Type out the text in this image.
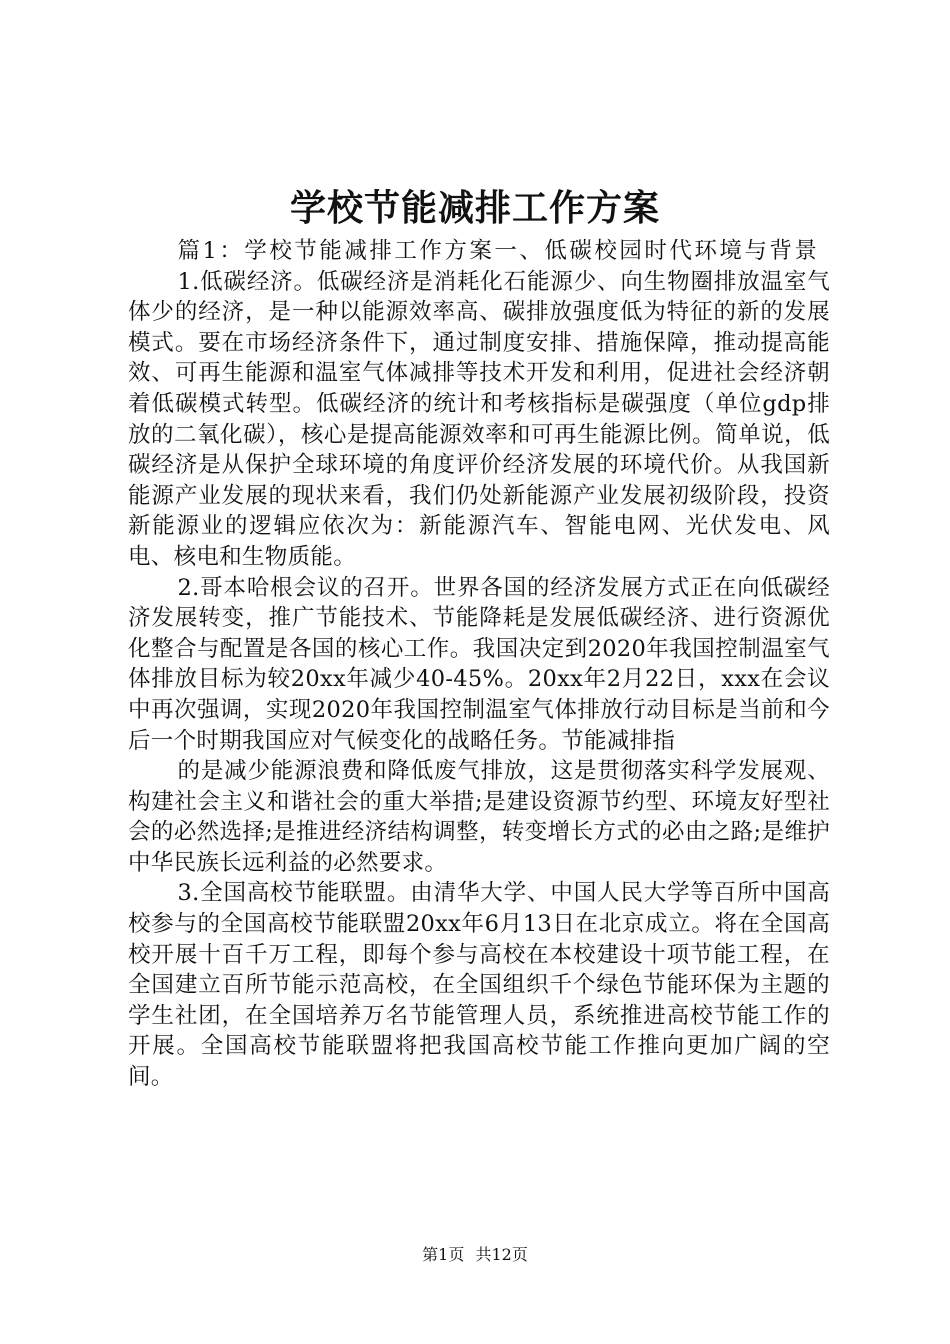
学校节能减排工作方案

篇1：学校节能减排工作方案一、低碳校园时代环境与背景

1.低碳经济。低碳经济是消耗化石能源少、向生物圈排放温室气体少的经济，是一种以能源效率高、碳排放强度低为特征的新的发展模式。要在市场经济条件下，通过制度安排、措施保障，推动提高能效、可再生能源和温室气体减排等技术开发和利用，促进社会经济朝着低碳模式转型。低碳经济的统计和考核指标是碳强度（单位gdp排放的二氧化碳），核心是提高能源效率和可再生能源比例。简单说，低碳经济是从保护全球环境的角度评价经济发展的环境代价。从我国新能源产业发展的现状来看，我们仍处新能源产业发展初级阶段，投资新能源业的逻辑应依次为：新能源汽车、智能电网、光伏发电、风电、核电和生物质能。

2.哥本哈根会议的召开。世界各国的经济发展方式正在向低碳经济发展转变，推广节能技术、节能降耗是发展低碳经济、进行资源优化整合与配置是各国的核心工作。我国决定到2020年我国控制温室气体排放目标为较20xx年减少40-45%。20xx年2月22日，xxx在会议中再次强调，实现2020年我国控制温室气体排放行动目标是当前和今后一个时期我国应对气候变化的战略任务。节能减排指

的是减少能源浪费和降低废气排放，这是贯彻落实科学发展观、构建社会主义和谐社会的重大举措;是建设资源节约型、环境友好型社会的必然选择;是推进经济结构调整，转变增长方式的必由之路;是维护中华民族长远利益的必然要求。

3.全国高校节能联盟。由清华大学、中国人民大学等百所中国高校参与的全国高校节能联盟20xx年6月13日在北京成立。将在全国高校开展十百千万工程，即每个参与高校在本校建设十项节能工程，在全国建立百所节能示范高校，在全国组织千个绿色节能环保为主题的学生社团，在全国培养万名节能管理人员，系统推进高校节能工作的开展。全国高校节能联盟将把我国高校节能工作推向更加广阔的空间。

第1页 共12页
